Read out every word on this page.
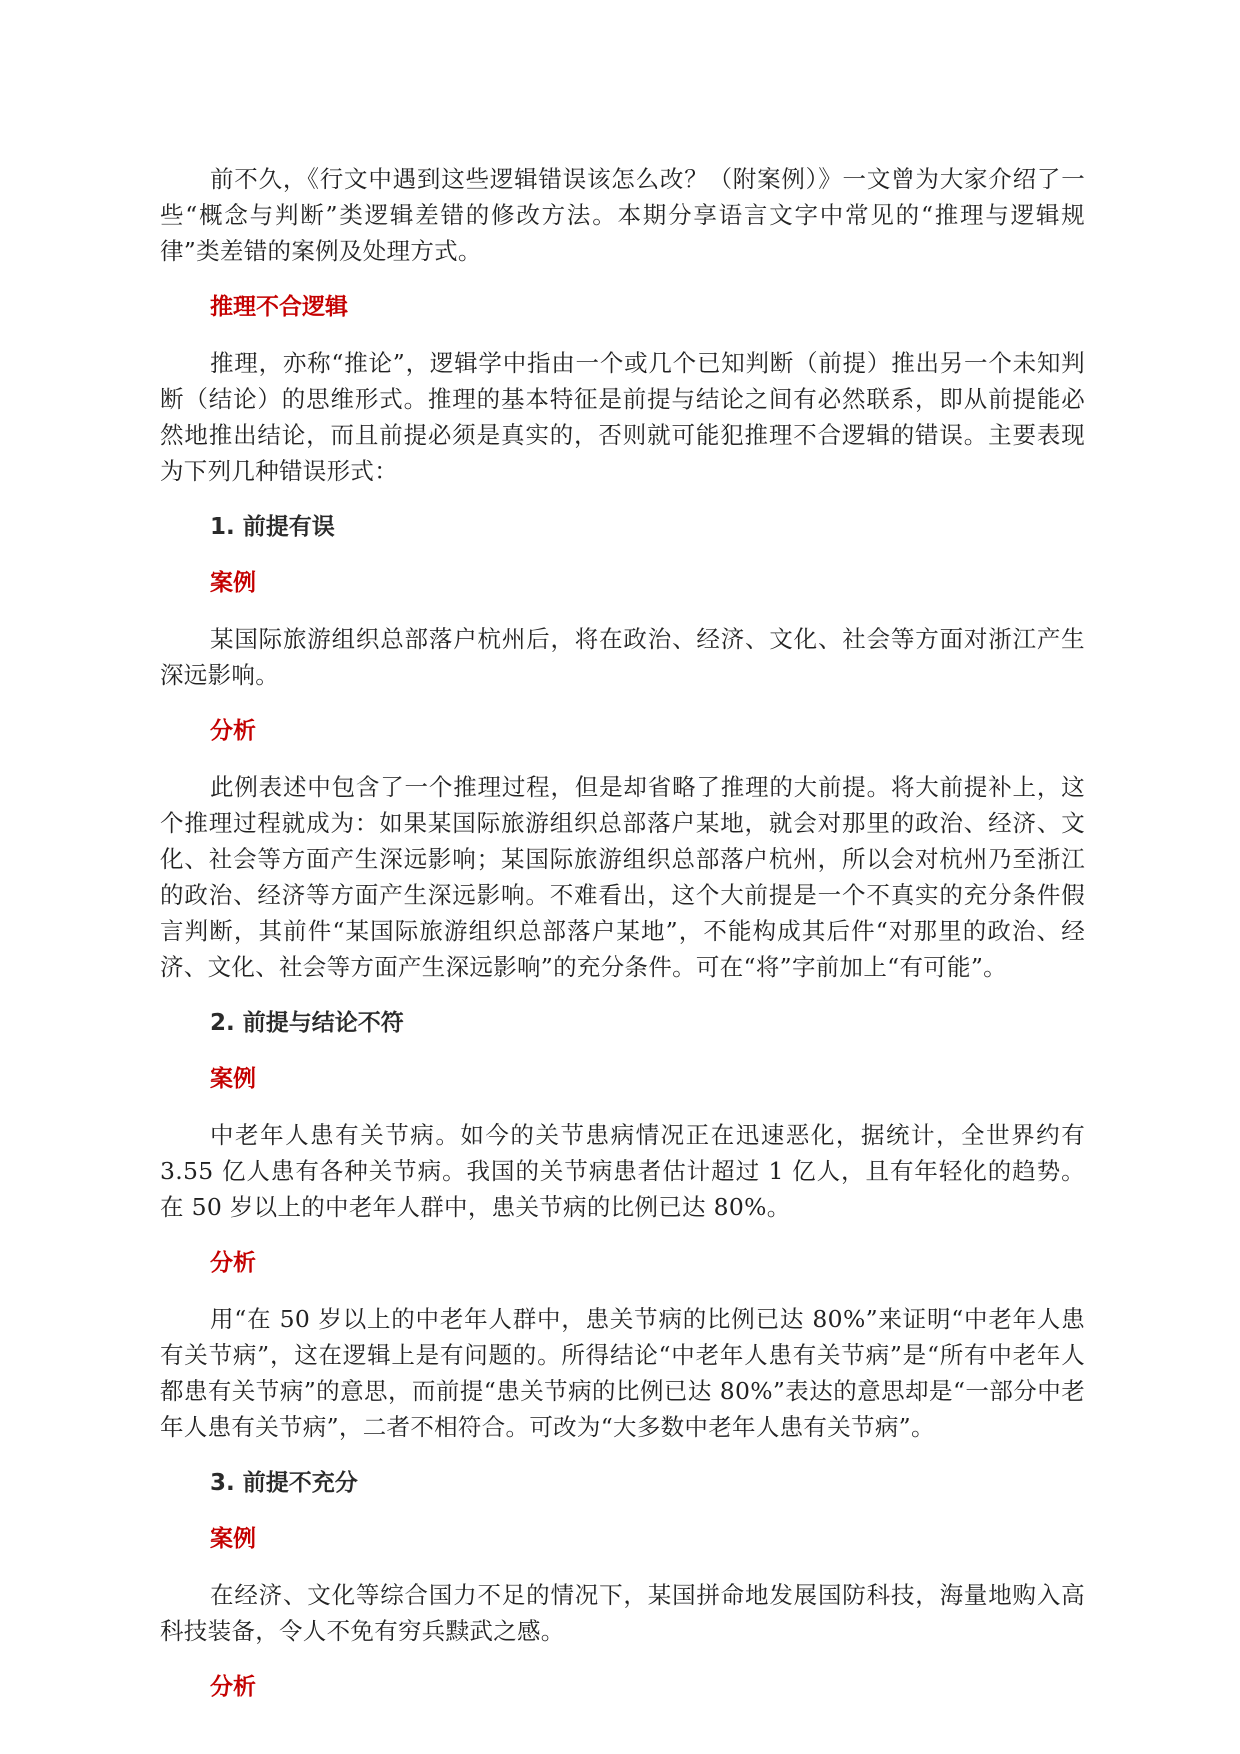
前不久，《行文中遇到这些逻辑错误该怎么改？（附案例）》一文曾为大家介绍了一些“概念与判断”类逻辑差错的修改方法。本期分享语言文字中常见的“推理与逻辑规律”类差错的案例及处理方式。

推理不合逻辑

推理，亦称“推论”，逻辑学中指由一个或几个已知判断（前提）推出另一个未知判断（结论）的思维形式。推理的基本特征是前提与结论之间有必然联系，即从前提能必然地推出结论，而且前提必须是真实的，否则就可能犯推理不合逻辑的错误。主要表现为下列几种错误形式：

1. 前提有误
案例

某国际旅游组织总部落户杭州后，将在政治、经济、文化、社会等方面对浙江产生深远影响。

分析

此例表述中包含了一个推理过程，但是却省略了推理的大前提。将大前提补上，这个推理过程就成为：如果某国际旅游组织总部落户某地，就会对那里的政治、经济、文化、社会等方面产生深远影响；某国际旅游组织总部落户杭州，所以会对杭州乃至浙江的政治、经济等方面产生深远影响。不难看出，这个大前提是一个不真实的充分条件假言判断，其前件“某国际旅游组织总部落户某地”，不能构成其后件“对那里的政治、经济、文化、社会等方面产生深远影响”的充分条件。可在“将”字前加上“有可能”。

2. 前提与结论不符
案例

中老年人患有关节病。如今的关节患病情况正在迅速恶化，据统计，全世界约有 3.55 亿人患有各种关节病。我国的关节病患者估计超过 1 亿人，且有年轻化的趋势。在 50 岁以上的中老年人群中，患关节病的比例已达 80%。

分析

用“在 50 岁以上的中老年人群中，患关节病的比例已达 80%”来证明“中老年人患有关节病”，这在逻辑上是有问题的。所得结论“中老年人患有关节病”是“所有中老年人都患有关节病”的意思，而前提“患关节病的比例已达 80%”表达的意思却是“一部分中老年人患有关节病”，二者不相符合。可改为“大多数中老年人患有关节病”。

3. 前提不充分
案例

在经济、文化等综合国力不足的情况下，某国拼命地发展国防科技，海量地购入高科技装备，令人不免有穷兵黩武之感。

分析
